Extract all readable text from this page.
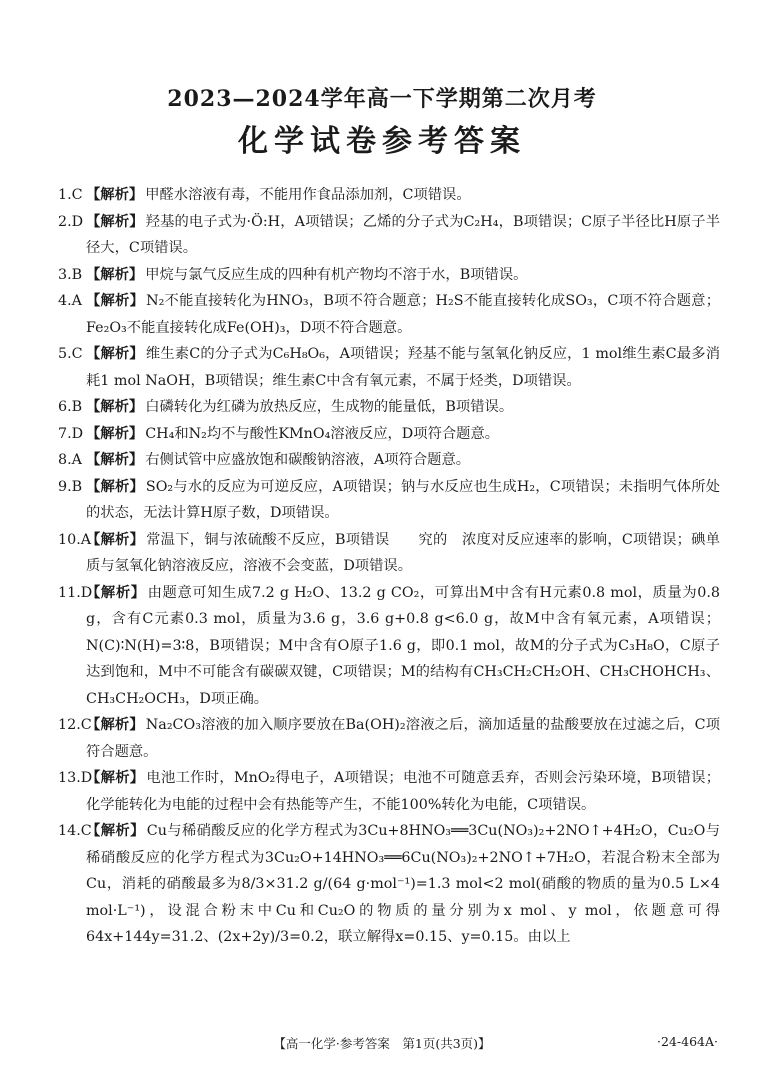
2023—2024学年高一下学期第二次月考
化学试卷参考答案
1.C 【解析】 甲醛水溶液有毒，不能用作食品添加剂，C项错误。
2.D 【解析】 羟基的电子式为·Ö:H，A项错误；乙烯的分子式为C₂H₄，B项错误；C原子半径比H原子半径大，C项错误。
3.B 【解析】 甲烷与氯气反应生成的四种有机产物均不溶于水，B项错误。
4.A 【解析】 N₂不能直接转化为HNO₃，B项不符合题意；H₂S不能直接转化成SO₃，C项不符合题意；Fe₂O₃不能直接转化成Fe(OH)₃，D项不符合题意。
5.C 【解析】 维生素C的分子式为C₆H₈O₆，A项错误；羟基不能与氢氧化钠反应，1 mol维生素C最多消耗1 mol NaOH，B项错误；维生素C中含有氧元素，不属于烃类，D项错误。
6.B 【解析】 白磷转化为红磷为放热反应，生成物的能量低，B项错误。
7.D 【解析】 CH₄和N₂均不与酸性KMnO₄溶液反应，D项符合题意。
8.A 【解析】 右侧试管中应盛放饱和碳酸钠溶液，A项符合题意。
9.B 【解析】 SO₂与水的反应为可逆反应，A项错误；钠与水反应也生成H₂，C项错误；未指明气体所处的状态，无法计算H原子数，D项错误。
10.A
【解析】 常温下，铜与浓硫酸不反应，B项错误　　究的　浓度对反应速率的影响，C项错误；碘单质与氢氧化钠溶液反应，溶液不会变蓝，D项错误。
11.D
【解析】 由题意可知生成7.2 g H₂O、13.2 g CO₂，可算出M中含有H元素0.8 mol，质量为0.8 g，含有C元素0.3 mol，质量为3.6 g，3.6 g+0.8 g<6.0 g，故M中含有氧元素，A项错误；N(C)∶N(H)=3∶8，B项错误；M中含有O原子1.6 g，即0.1 mol，故M的分子式为C₃H₈O，C原子达到饱和，M中不可能含有碳碳双键，C项错误；M的结构有CH₃CH₂CH₂OH、CH₃CHOHCH₃、CH₃CH₂OCH₃，D项正确。
12.C
【解析】 Na₂CO₃溶液的加入顺序要放在Ba(OH)₂溶液之后，滴加适量的盐酸要放在过滤之后，C项符合题意。
13.D
【解析】 电池工作时，MnO₂得电子，A项错误；电池不可随意丢弃，否则会污染环境，B项错误；化学能转化为电能的过程中会有热能等产生，不能100%转化为电能，C项错误。
14.C
【解析】 Cu与稀硝酸反应的化学方程式为3Cu+8HNO₃══3Cu(NO₃)₂+2NO↑+4H₂O，Cu₂O与稀硝酸反应的化学方程式为3Cu₂O+14HNO₃══6Cu(NO₃)₂+2NO↑+7H₂O，若混合粉末全部为Cu，消耗的硝酸最多为8/3×31.2 g/(64 g·mol⁻¹)=1.3 mol<2 mol(硝酸的物质的量为0.5 L×4 mol·L⁻¹)，设混合粉末中Cu和Cu₂O的物质的量分别为x mol、y mol，依题意可得64x+144y=31.2、(2x+2y)/3=0.2，联立解得x=0.15、y=0.15。由以上
【高一化学·参考答案　第1页(共3页)】	·24-464A·
